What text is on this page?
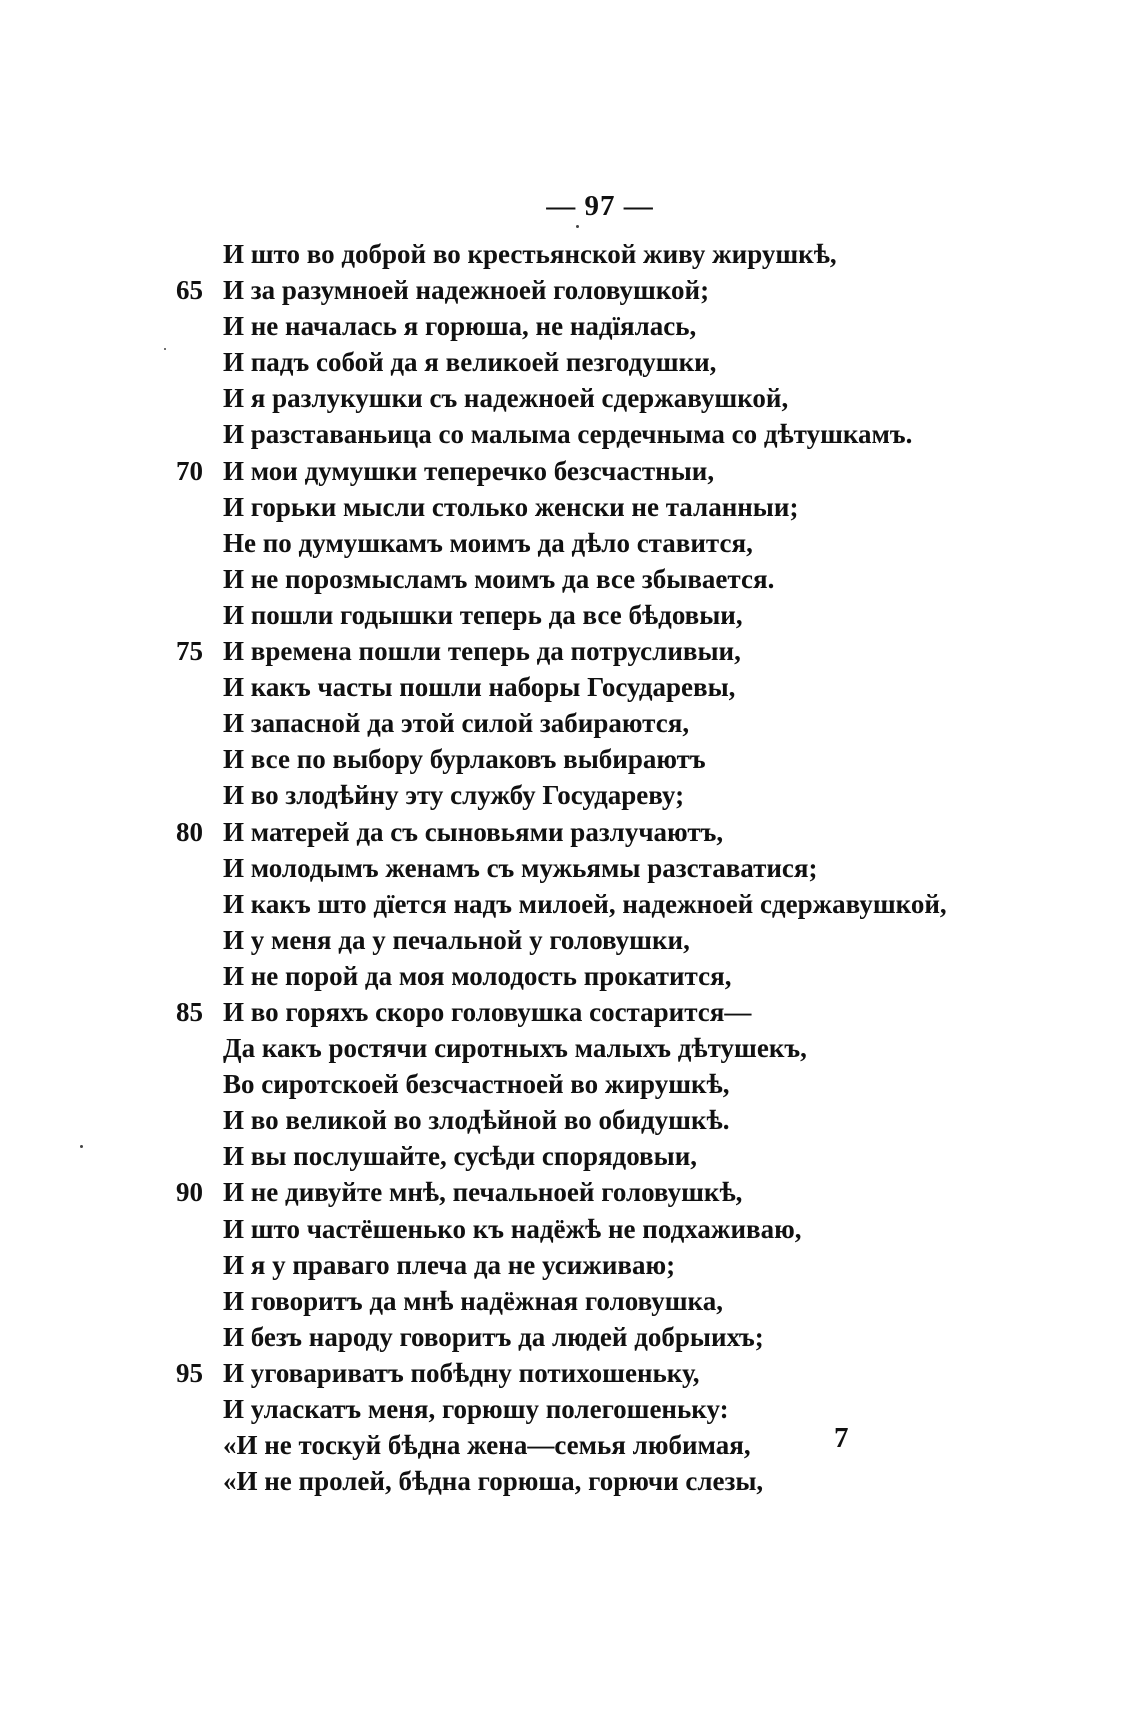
— 97 —
И што во доброй во крестьянской живу жирушкѣ,
65 И за разумноей надежноей головушкой;
И не началась я горюша, не надїялась,
И падъ собой да я великоей пезгодушки,
И я разлукушки съ надежноей сдержавушкой,
И разставаньица со малыма сердечныма со дѣтушкамъ.
70 И мои думушки теперечко безсчастныи,
И горьки мысли столько женски не таланныи;
Не по думушкамъ моимъ да дѣло ставится,
И не порозмысламъ моимъ да все збывается.
И пошли годышки теперь да все бѣдовыи,
75 И времена пошли теперь да потрусливыи,
И какъ часты пошли наборы Государевы,
И запасной да этой силой забираются,
И все по выбору бурлаковъ выбираютъ
И во злодѣйну эту службу Государеву;
80 И матерей да съ сыновьями разлучаютъ,
И молодымъ женамъ съ мужьямы разставатися;
И какъ што дїется надъ милоей, надежноей сдержавушкой,
И у меня да у печальной у головушки,
И не порой да моя молодость прокатится,
85 И во горяхъ скоро головушка состарится—
Да какъ ростячи сиротныхъ малыхъ дѣтушекъ,
Во сиротскоей безсчастноей во жирушкѣ,
И во великой во злодѣйной во обидушкѣ.
И вы послушайте, сусѣди спорядовыи,
90 И не дивуйте мнѣ, печальноей головушкѣ,
И што частёшенько къ надёжѣ не подхаживаю,
И я у праваго плеча да не усиживаю;
И говоритъ да мнѣ надёжная головушка,
И безъ народу говоритъ да людей добрыихъ;
95 И уговариватъ побѣдну потихошеньку,
И уласкатъ меня, горюшу полегошеньку:
«И не тоскуй бѣдна жена—семья любимая,
«И не пролей, бѣдна горюша, горючи слезы,
7
